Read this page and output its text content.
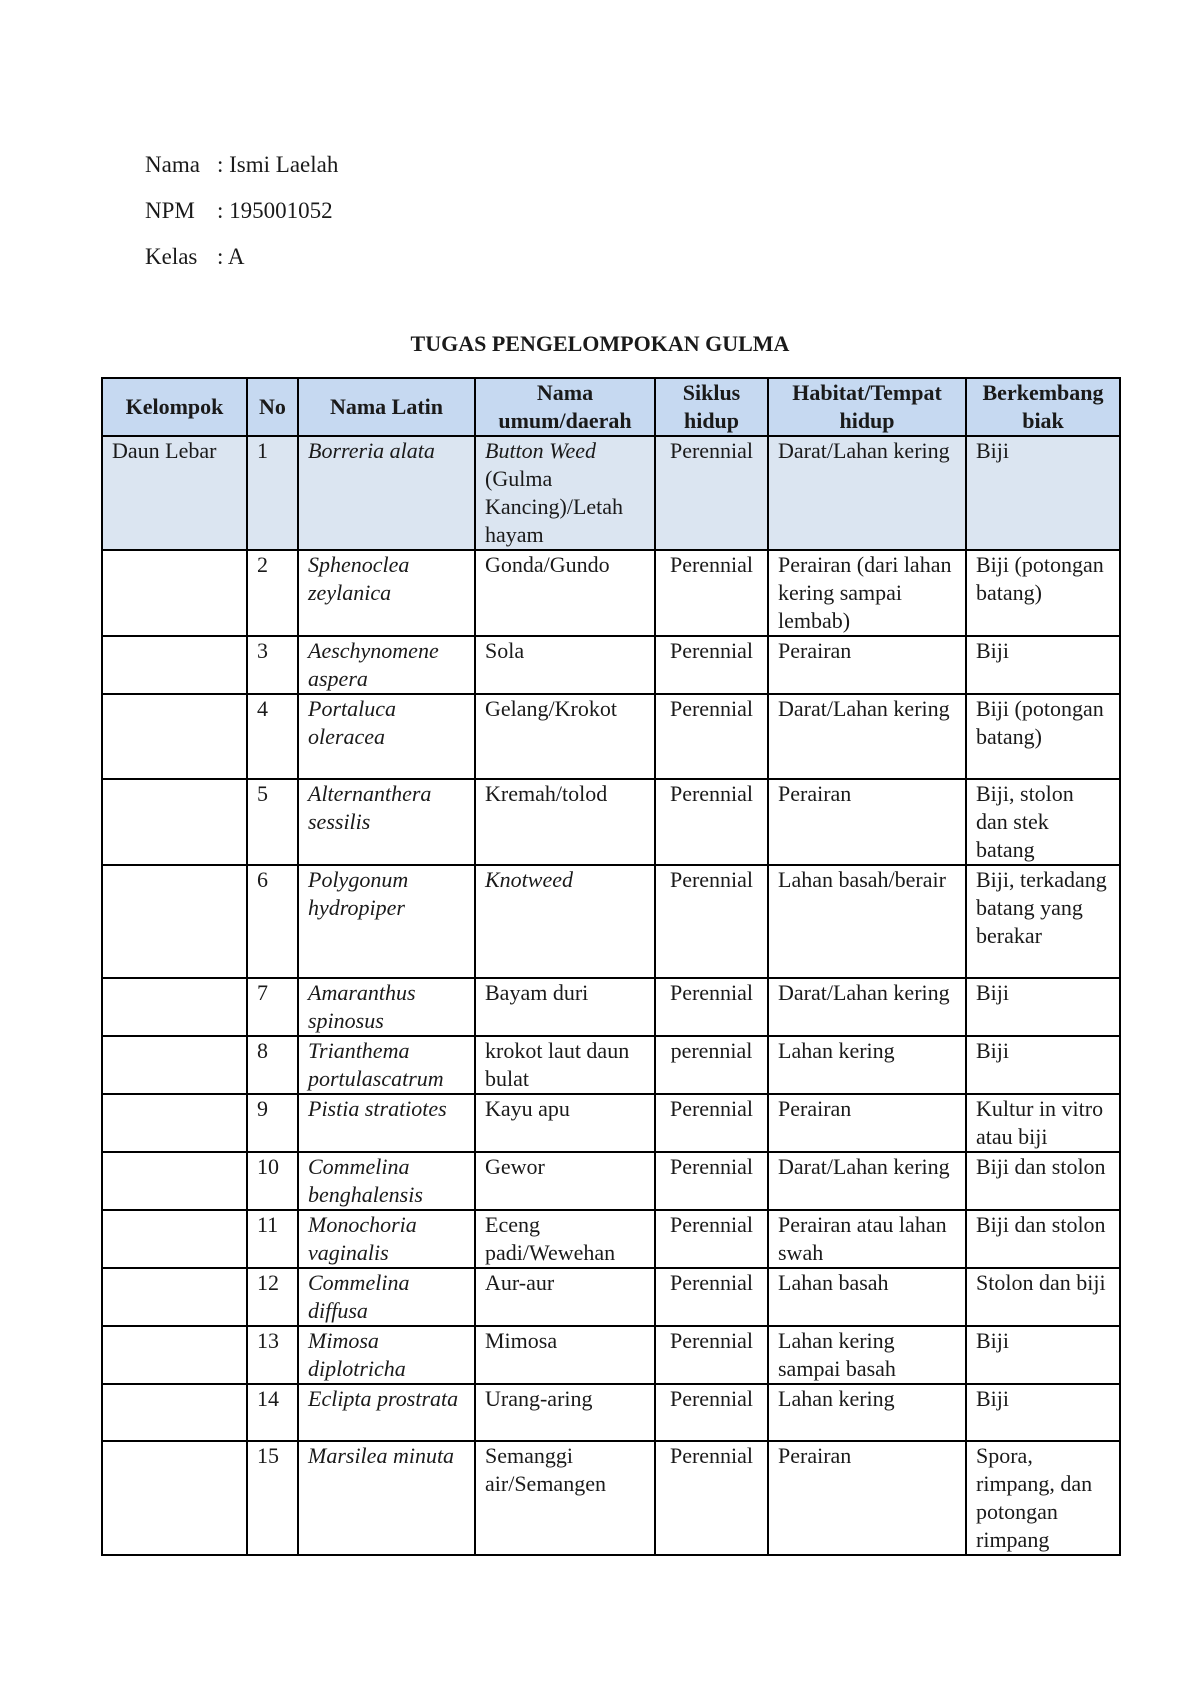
Nama : Ismi Laelah
NPM : 195001052
Kelas : A
TUGAS PENGELOMPOKAN GULMA
Kelompok	No	Nama Latin	Nama umum/daerah	Siklus hidup	Habitat/Tempat hidup	Berkembang biak
Daun Lebar	1	Borreria alata	Button Weed (Gulma Kancing)/Letah hayam	Perennial	Darat/Lahan kering	Biji
	2	Sphenoclea zeylanica	Gonda/Gundo	Perennial	Perairan (dari lahan kering sampai lembab)	Biji (potongan batang)
	3	Aeschynomene aspera	Sola	Perennial	Perairan	Biji
	4	Portaluca oleracea	Gelang/Krokot	Perennial	Darat/Lahan kering	Biji (potongan batang)
	5	Alternanthera sessilis	Kremah/tolod	Perennial	Perairan	Biji, stolon dan stek batang
	6	Polygonum hydropiper	Knotweed	Perennial	Lahan basah/berair	Biji, terkadang batang yang berakar
	7	Amaranthus spinosus	Bayam duri	Perennial	Darat/Lahan kering	Biji
	8	Trianthema portulascatrum	krokot laut daun bulat	perennial	Lahan kering	Biji
	9	Pistia stratiotes	Kayu apu	Perennial	Perairan	Kultur in vitro atau biji
	10	Commelina benghalensis	Gewor	Perennial	Darat/Lahan kering	Biji dan stolon
	11	Monochoria vaginalis	Eceng padi/Wewehan	Perennial	Perairan atau lahan swah	Biji dan stolon
	12	Commelina diffusa	Aur-aur	Perennial	Lahan basah	Stolon dan biji
	13	Mimosa diplotricha	Mimosa	Perennial	Lahan kering sampai basah	Biji
	14	Eclipta prostrata	Urang-aring	Perennial	Lahan kering	Biji
	15	Marsilea minuta	Semanggi air/Semangen	Perennial	Perairan	Spora, rimpang, dan potongan rimpang
